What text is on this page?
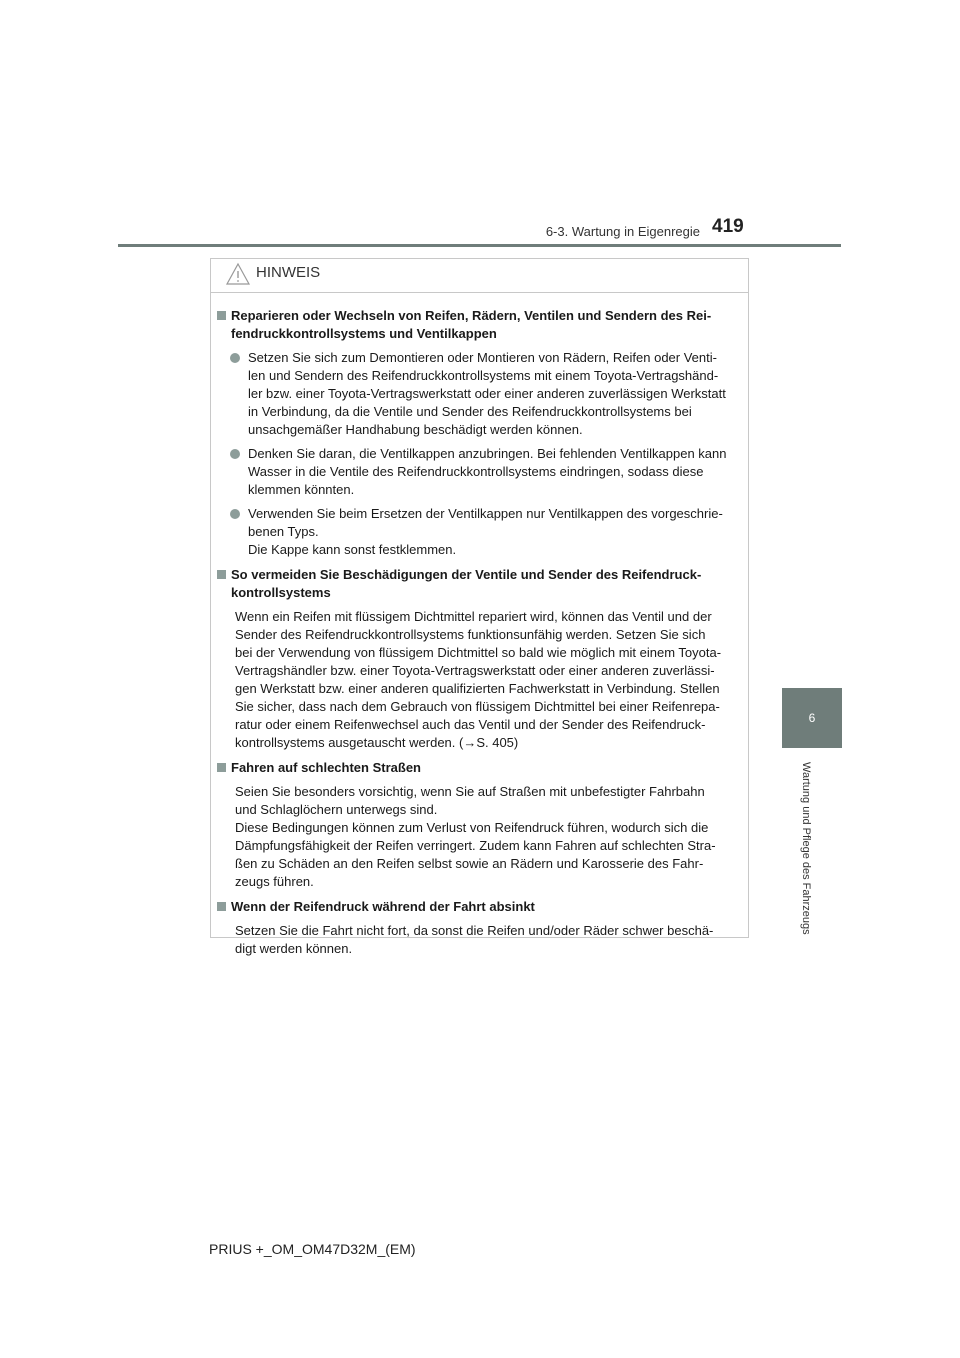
6-3. Wartung in Eigenregie 419
6
Wartung und Pflege des Fahrzeugs
HINWEIS
Reparieren oder Wechseln von Reifen, Rädern, Ventilen und Sendern des Rei-
fendruckkontrollsystems und Ventilkappen
Setzen Sie sich zum Demontieren oder Montieren von Rädern, Reifen oder Venti-
len und Sendern des Reifendruckkontrollsystems mit einem Toyota-Vertragshänd-
ler bzw. einer Toyota-Vertragswerkstatt oder einer anderen zuverlässigen Werkstatt
in Verbindung, da die Ventile und Sender des Reifendruckkontrollsystems bei
unsachgemäßer Handhabung beschädigt werden können.
Denken Sie daran, die Ventilkappen anzubringen. Bei fehlenden Ventilkappen kann
Wasser in die Ventile des Reifendruckkontrollsystems eindringen, sodass diese
klemmen könnten.
Verwenden Sie beim Ersetzen der Ventilkappen nur Ventilkappen des vorgeschrie-
benen Typs.
Die Kappe kann sonst festklemmen.
So vermeiden Sie Beschädigungen der Ventile und Sender des Reifendruck-
kontrollsystems
Wenn ein Reifen mit flüssigem Dichtmittel repariert wird, können das Ventil und der
Sender des Reifendruckkontrollsystems funktionsunfähig werden. Setzen Sie sich
bei der Verwendung von flüssigem Dichtmittel so bald wie möglich mit einem Toyota-
Vertragshändler bzw. einer Toyota-Vertragswerkstatt oder einer anderen zuverlässi-
gen Werkstatt bzw. einer anderen qualifizierten Fachwerkstatt in Verbindung. Stellen
Sie sicher, dass nach dem Gebrauch von flüssigem Dichtmittel bei einer Reifenrepa-
ratur oder einem Reifenwechsel auch das Ventil und der Sender des Reifendruck-
kontrollsystems ausgetauscht werden. (→S. 405)
Fahren auf schlechten Straßen
Seien Sie besonders vorsichtig, wenn Sie auf Straßen mit unbefestigter Fahrbahn
und Schlaglöchern unterwegs sind.
Diese Bedingungen können zum Verlust von Reifendruck führen, wodurch sich die
Dämpfungsfähigkeit der Reifen verringert. Zudem kann Fahren auf schlechten Stra-
ßen zu Schäden an den Reifen selbst sowie an Rädern und Karosserie des Fahr-
zeugs führen.
Wenn der Reifendruck während der Fahrt absinkt
Setzen Sie die Fahrt nicht fort, da sonst die Reifen und/oder Räder schwer beschä-
digt werden können.
PRIUS +_OM_OM47D32M_(EM)
